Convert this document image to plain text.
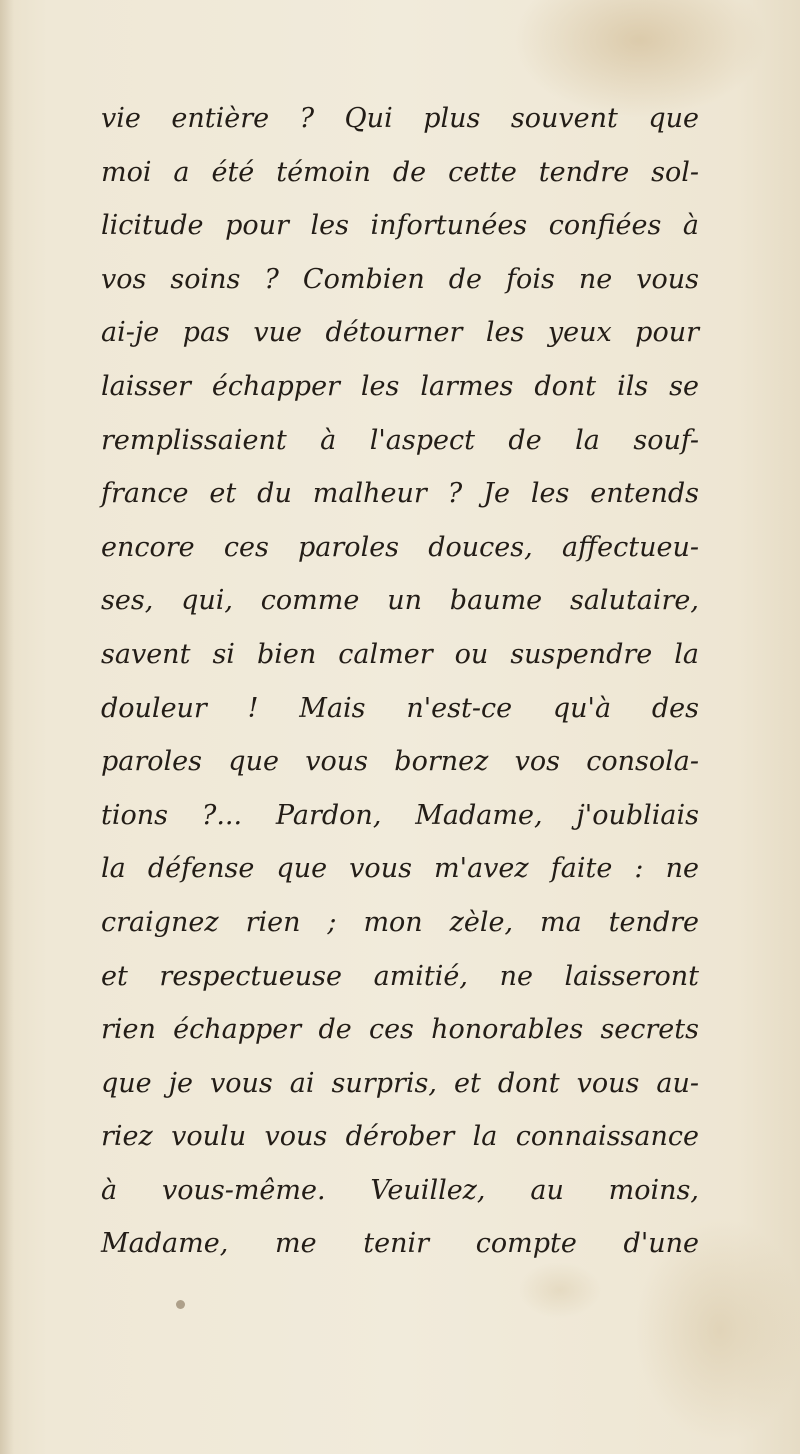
vie entière ? Qui plus souvent que
moi a été témoin de cette tendre sol-
licitude pour les infortunées confiées à
vos soins ? Combien de fois ne vous
ai-je pas vue détourner les yeux pour
laisser échapper les larmes dont ils se
remplissaient à l'aspect de la souf-
france et du malheur ? Je les entends
encore ces paroles douces, affectueu-
ses, qui, comme un baume salutaire,
savent si bien calmer ou suspendre la
douleur ! Mais n'est-ce qu'à des
paroles que vous bornez vos consola-
tions ?... Pardon, Madame, j'oubliais
la défense que vous m'avez faite : ne
craignez rien ; mon zèle, ma tendre
et respectueuse amitié, ne laisseront
rien échapper de ces honorables secrets
que je vous ai surpris, et dont vous au-
riez voulu vous dérober la connaissance
à vous-même. Veuillez, au moins,
Madame, me tenir compte d'une
